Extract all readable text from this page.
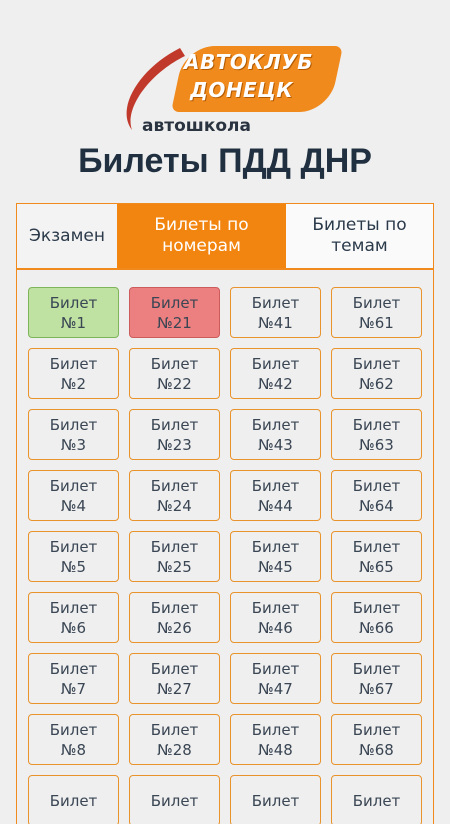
АВТОКЛУБ
ДОНЕЦК
автошкола
Билеты ПДД ДНР
Экзамен
Билеты по номерам
Билеты по темам
Билет
№1
Билет
№21
Билет
№41
Билет
№61
Билет
№2
Билет
№22
Билет
№42
Билет
№62
Билет
№3
Билет
№23
Билет
№43
Билет
№63
Билет
№4
Билет
№24
Билет
№44
Билет
№64
Билет
№5
Билет
№25
Билет
№45
Билет
№65
Билет
№6
Билет
№26
Билет
№46
Билет
№66
Билет
№7
Билет
№27
Билет
№47
Билет
№67
Билет
№8
Билет
№28
Билет
№48
Билет
№68
Билет	Билет	Билет	Билет
